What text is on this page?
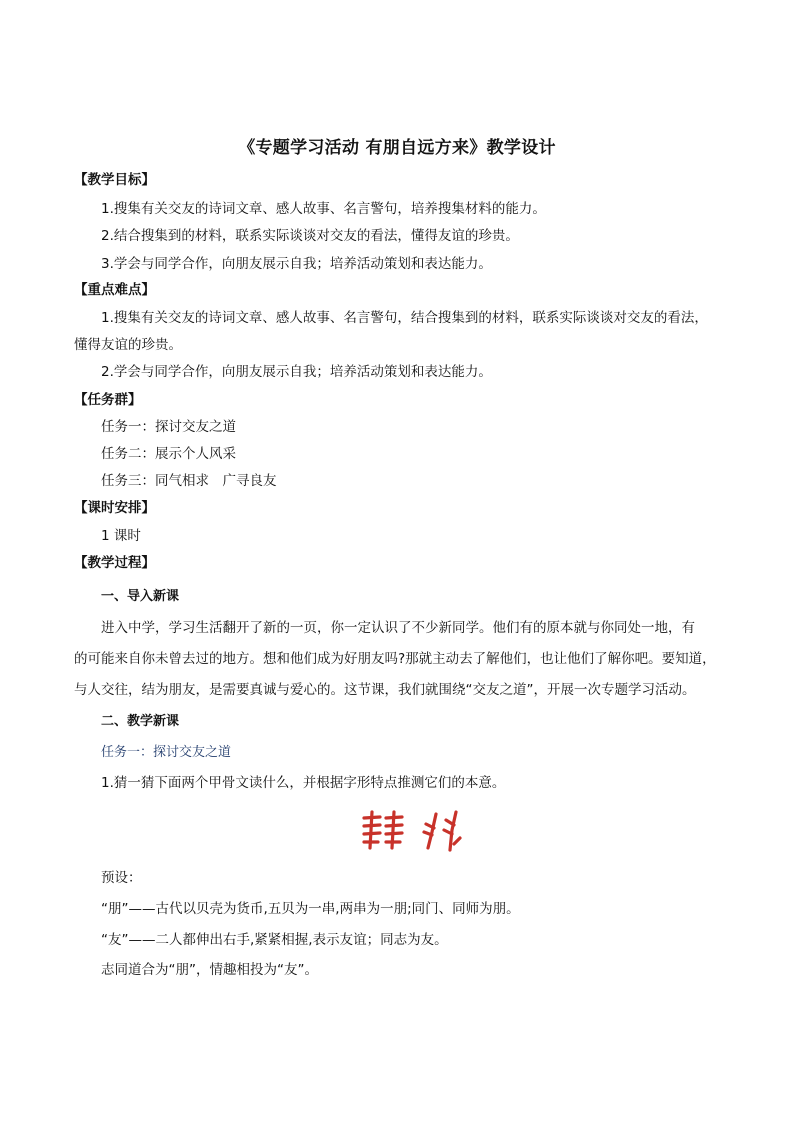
《专题学习活动 有朋自远方来》教学设计
【教学目标】
1.搜集有关交友的诗词文章、感人故事、名言警句，培养搜集材料的能力。
2.结合搜集到的材料，联系实际谈谈对交友的看法，懂得友谊的珍贵。
3.学会与同学合作，向朋友展示自我；培养活动策划和表达能力。
【重点难点】
1.搜集有关交友的诗词文章、感人故事、名言警句，结合搜集到的材料，联系实际谈谈对交友的看法，
懂得友谊的珍贵。
2.学会与同学合作，向朋友展示自我；培养活动策划和表达能力。
【任务群】
任务一：探讨交友之道
任务二：展示个人风采
任务三：同气相求　广寻良友
【课时安排】
1 课时
【教学过程】
一、导入新课
进入中学，学习生活翻开了新的一页，你一定认识了不少新同学。他们有的原本就与你同处一地，有
的可能来自你未曾去过的地方。想和他们成为好朋友吗?那就主动去了解他们，也让他们了解你吧。要知道，
与人交往，结为朋友，是需要真诚与爱心的。这节课，我们就围绕“交友之道”，开展一次专题学习活动。
二、教学新课
任务一：探讨交友之道
1.猜一猜下面两个甲骨文读什么，并根据字形特点推测它们的本意。
预设：
“朋”——古代以贝壳为货币,五贝为一串,两串为一朋;同门、同师为朋。
“友”——二人都伸出右手,紧紧相握,表示友谊；同志为友。
志同道合为“朋”，情趣相投为“友”。
